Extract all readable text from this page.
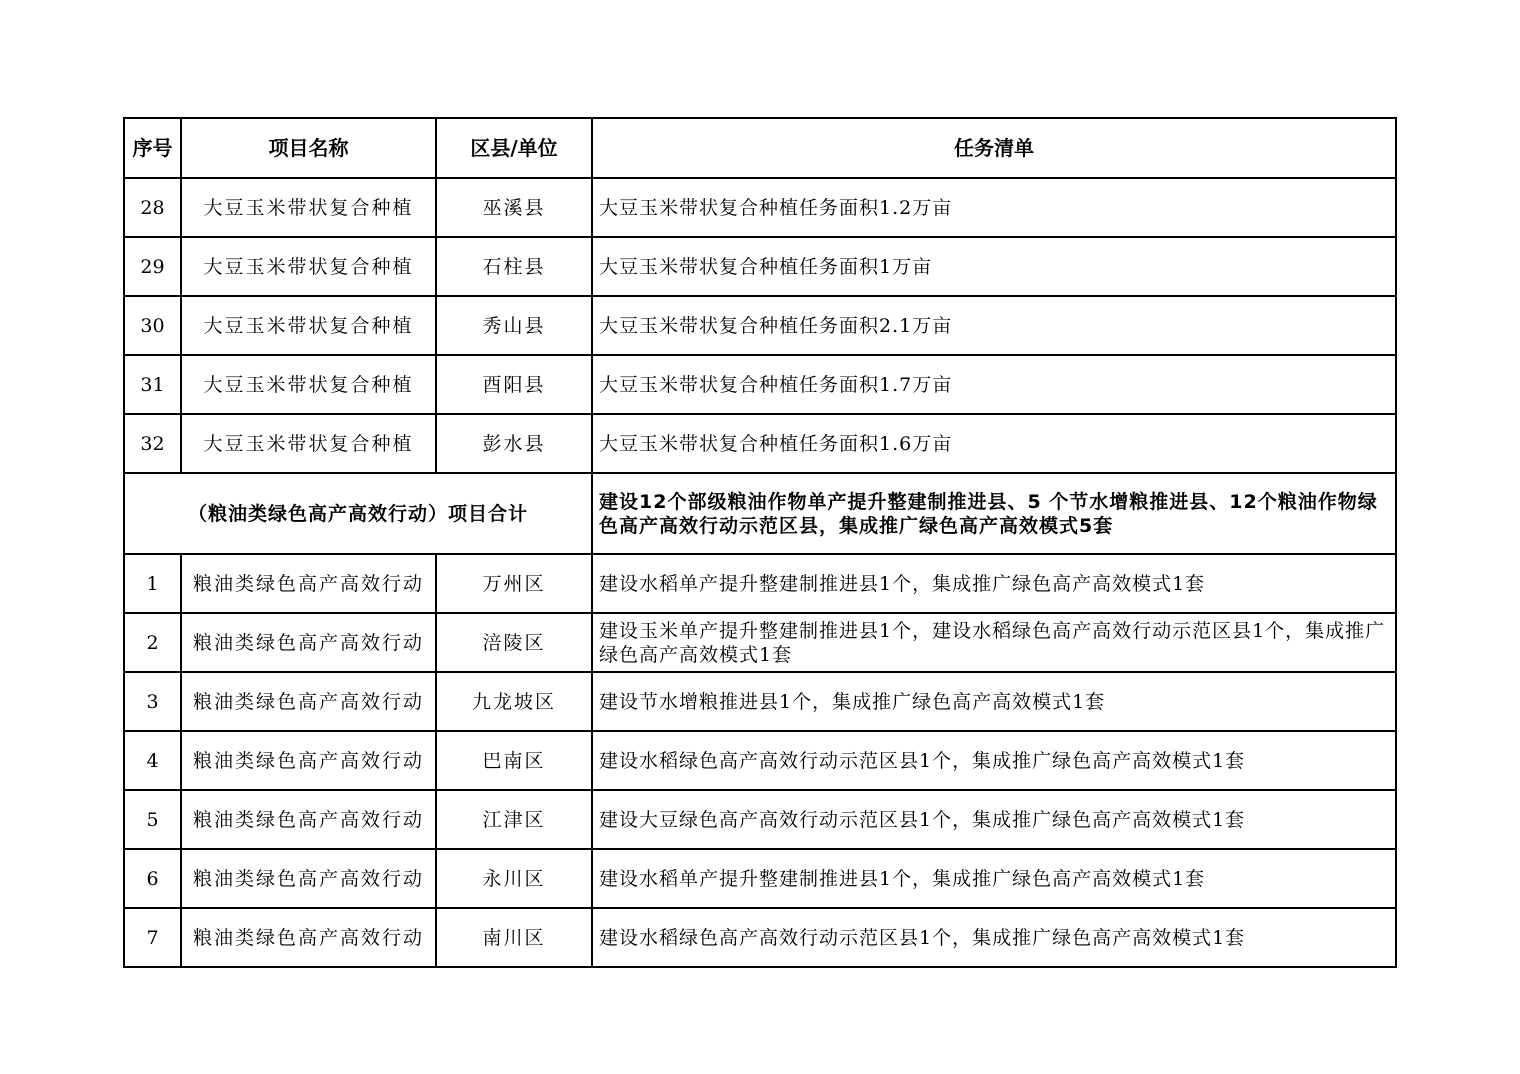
序号	项目名称	区县/单位	任务清单
28	大豆玉米带状复合种植	巫溪县	大豆玉米带状复合种植任务面积1.2万亩
29	大豆玉米带状复合种植	石柱县	大豆玉米带状复合种植任务面积1万亩
30	大豆玉米带状复合种植	秀山县	大豆玉米带状复合种植任务面积2.1万亩
31	大豆玉米带状复合种植	酉阳县	大豆玉米带状复合种植任务面积1.7万亩
32	大豆玉米带状复合种植	彭水县	大豆玉米带状复合种植任务面积1.6万亩
（粮油类绿色高产高效行动）项目合计			建设12个部级粮油作物单产提升整建制推进县、5 个节水增粮推进县、12个粮油作物绿色高产高效行动示范区县，集成推广绿色高产高效模式5套
1	粮油类绿色高产高效行动	万州区	建设水稻单产提升整建制推进县1个，集成推广绿色高产高效模式1套
2	粮油类绿色高产高效行动	涪陵区	建设玉米单产提升整建制推进县1个，建设水稻绿色高产高效行动示范区县1个，集成推广绿色高产高效模式1套
3	粮油类绿色高产高效行动	九龙坡区	建设节水增粮推进县1个，集成推广绿色高产高效模式1套
4	粮油类绿色高产高效行动	巴南区	建设水稻绿色高产高效行动示范区县1个，集成推广绿色高产高效模式1套
5	粮油类绿色高产高效行动	江津区	建设大豆绿色高产高效行动示范区县1个，集成推广绿色高产高效模式1套
6	粮油类绿色高产高效行动	永川区	建设水稻单产提升整建制推进县1个，集成推广绿色高产高效模式1套
7	粮油类绿色高产高效行动	南川区	建设水稻绿色高产高效行动示范区县1个，集成推广绿色高产高效模式1套
